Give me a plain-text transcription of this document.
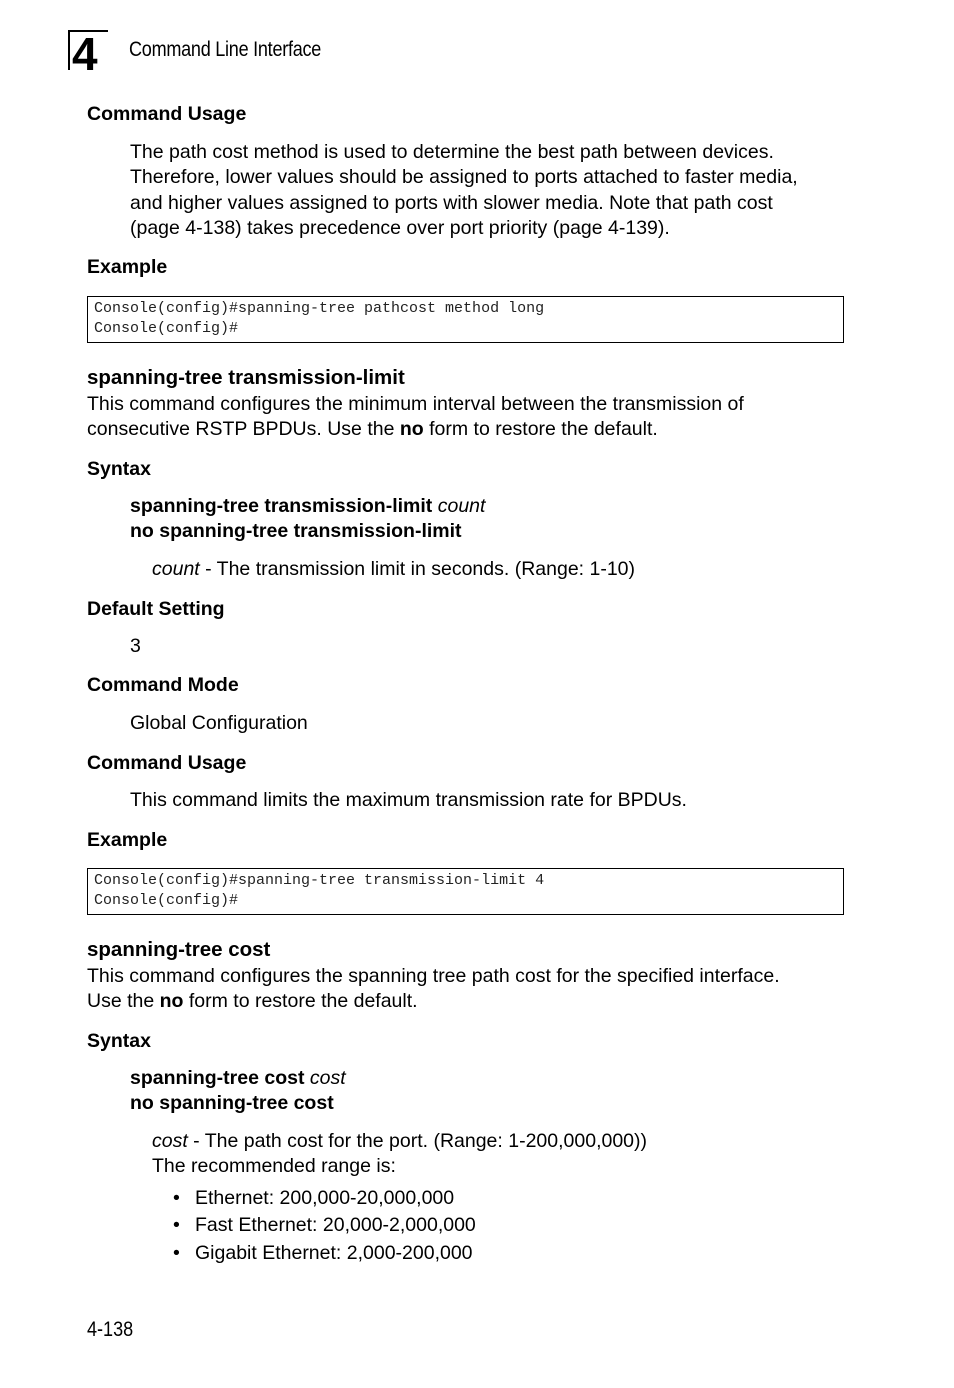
4	Command Line Interface
Command Usage
The path cost method is used to determine the best path between devices.
Therefore, lower values should be assigned to ports attached to faster media,
and higher values assigned to ports with slower media. Note that path cost
(page 4-138) takes precedence over port priority (page 4-139).
Example
Console(config)#spanning-tree pathcost method long
Console(config)#
spanning-tree transmission-limit
This command configures the minimum interval between the transmission of
consecutive RSTP BPDUs. Use the no form to restore the default.
Syntax
spanning-tree transmission-limit count
no spanning-tree transmission-limit
count - The transmission limit in seconds. (Range: 1-10)
Default Setting
3
Command Mode
Global Configuration
Command Usage
This command limits the maximum transmission rate for BPDUs.
Example
Console(config)#spanning-tree transmission-limit 4
Console(config)#
spanning-tree cost
This command configures the spanning tree path cost for the specified interface.
Use the no form to restore the default.
Syntax
spanning-tree cost cost
no spanning-tree cost
cost - The path cost for the port. (Range: 1-200,000,000))
The recommended range is:
• Ethernet: 200,000-20,000,000
• Fast Ethernet: 20,000-2,000,000
• Gigabit Ethernet: 2,000-200,000
4-138
